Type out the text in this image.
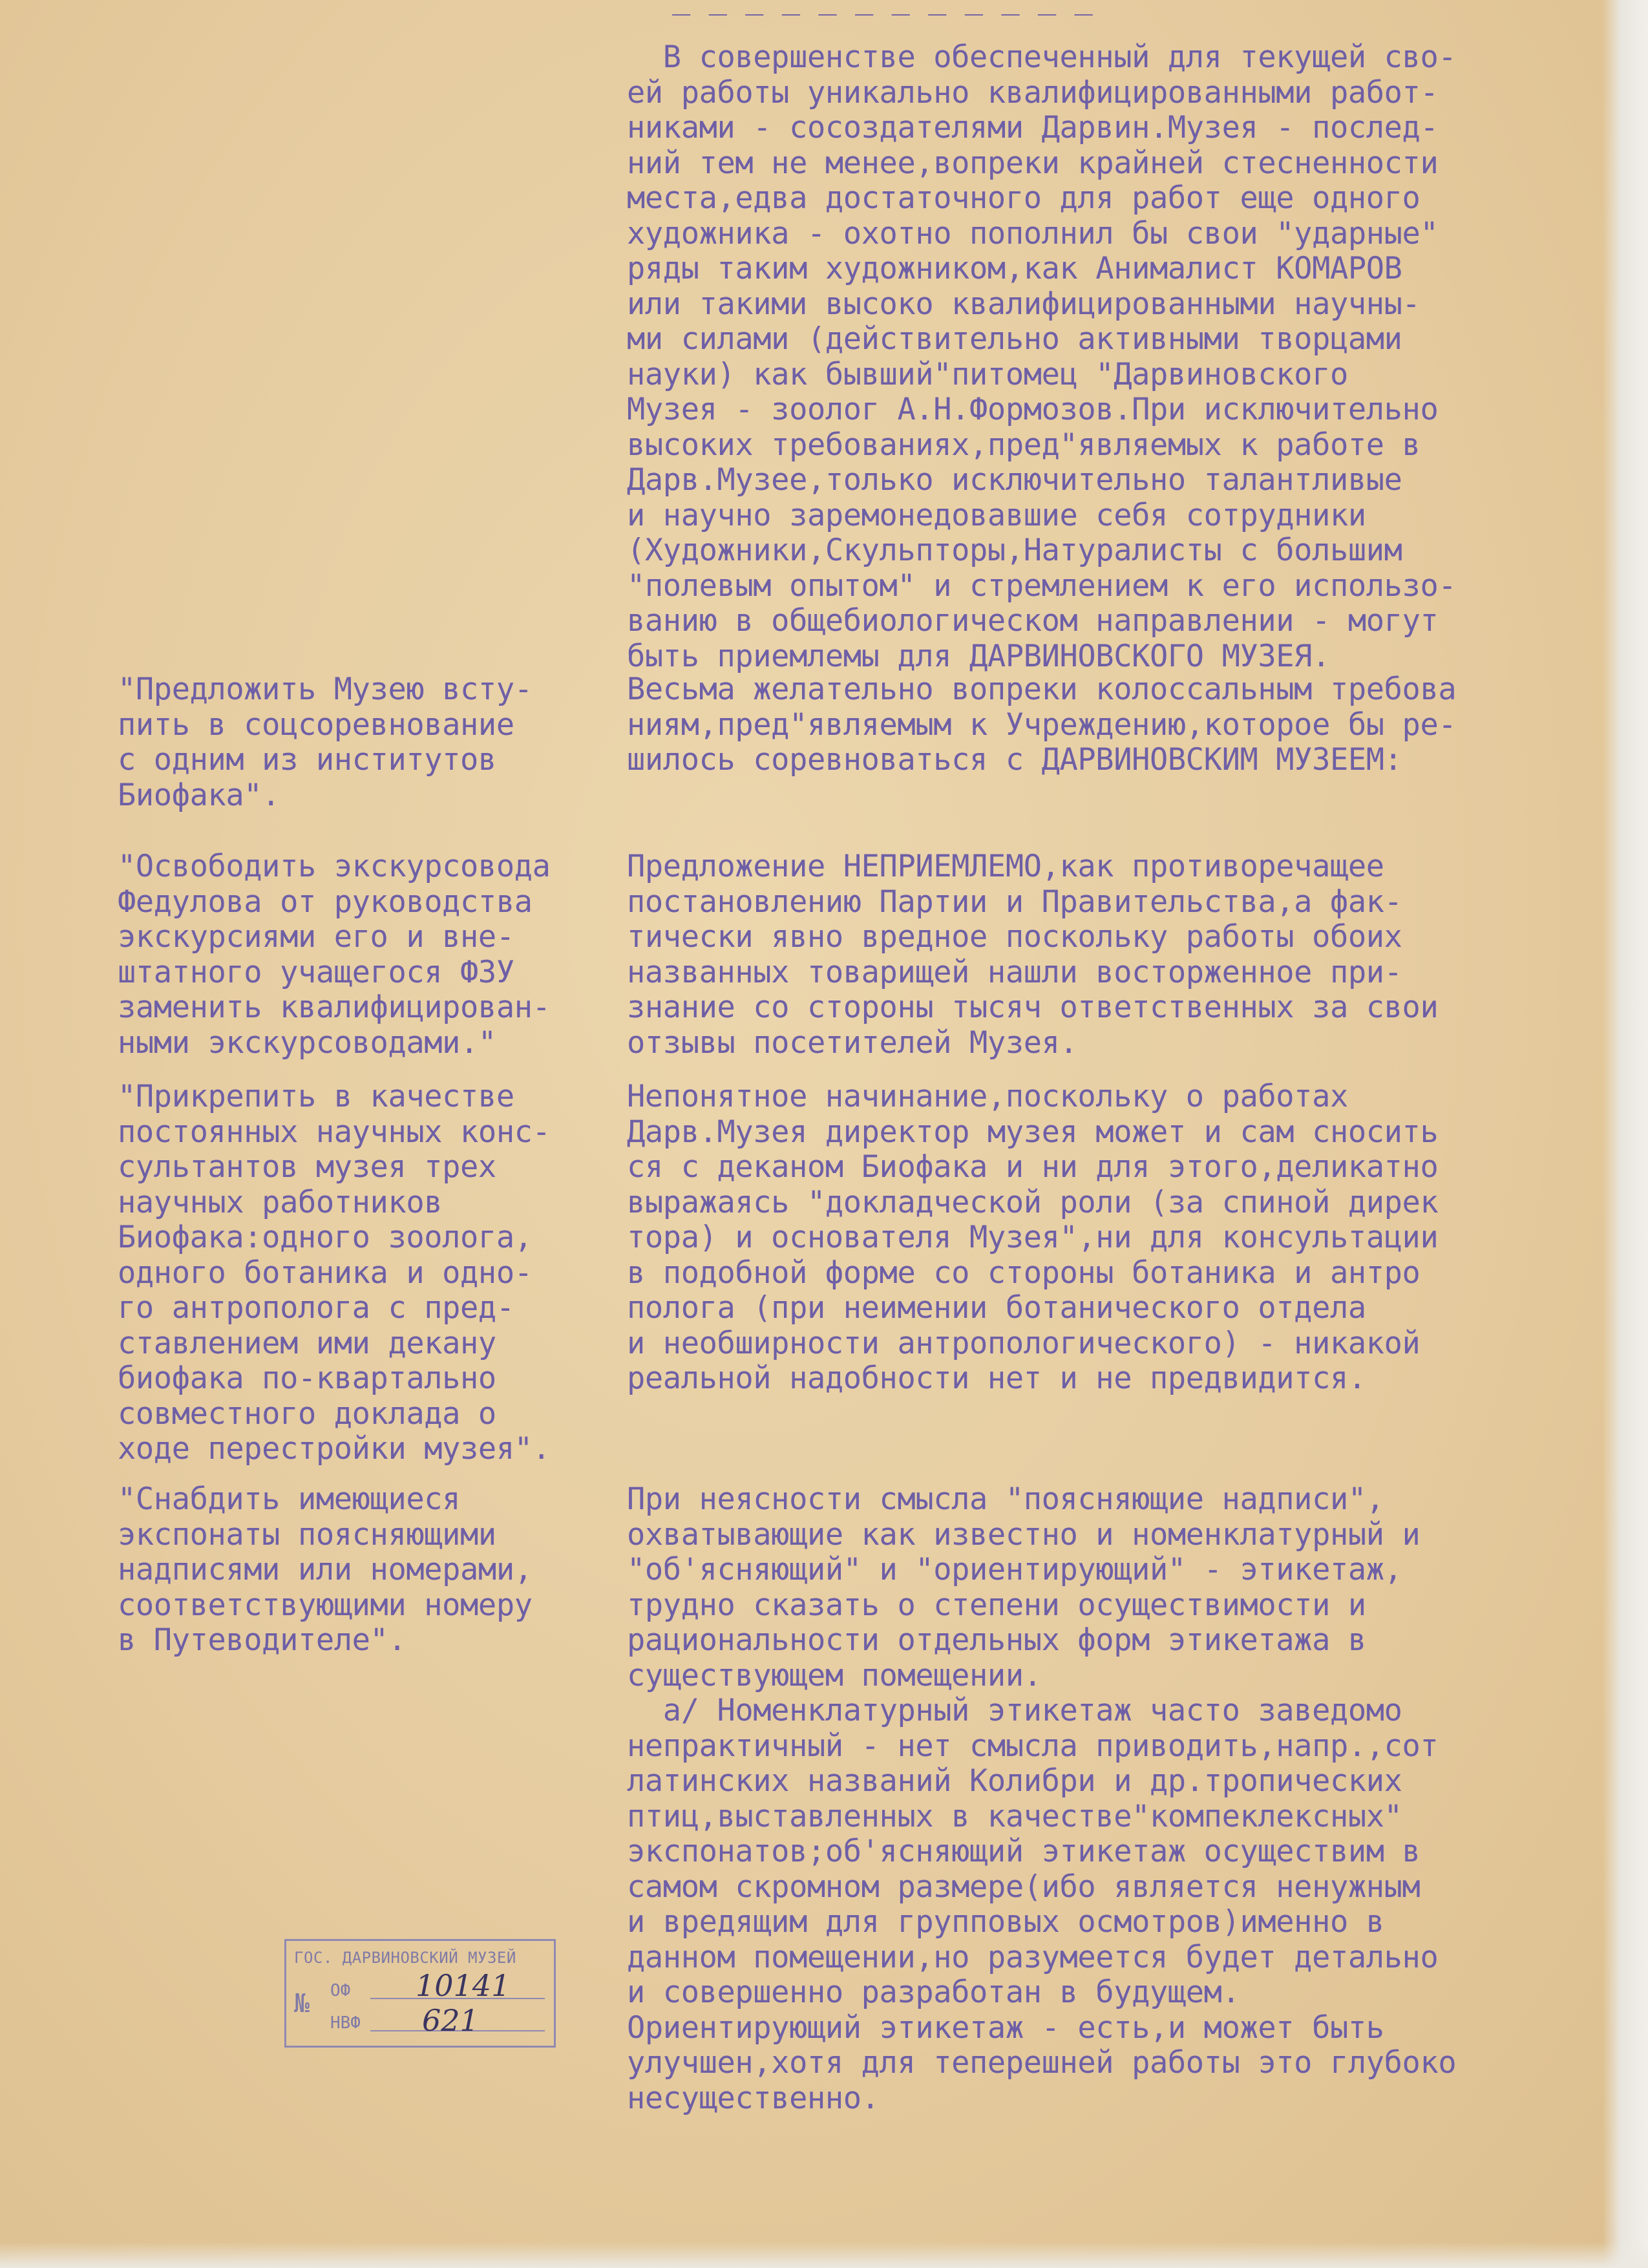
В совершенстве обеспеченный для текущей сво-
ей работы уникально квалифицированными работ-
никами - сосоздателями Дарвин.Музея - послед-
ний тем не менее,вопреки крайней стесненности
места,едва достаточного для работ еще одного
художника - охотно пополнил бы свои "ударные"
ряды таким художником,как Анималист КОМАРОВ
или такими высоко квалифицированными научны-
ми силами (действительно активными творцами
науки) как бывший"питомец "Дарвиновского
Музея - зоолог А.Н.Формозов.При исключительно
высоких требованиях,пред"являемых к работе в
Дарв.Музее,только исключительно талантливые
и научно заремонедовавшие себя сотрудники
(Художники,Скульпторы,Натуралисты с большим
"полевым опытом" и стремлением к его использо-
ванию в общебиологическом направлении - могут
быть приемлемы для ДАРВИНОВСКОГО МУЗЕЯ.
"Предложить Музею всту-
пить в соцсоревнование
с одним из институтов
Биофака".
Весьма желательно вопреки колоссальным требова
ниям,пред"являемым к Учреждению,которое бы ре-
шилось соревноваться с ДАРВИНОВСКИМ МУЗЕЕМ:
"Освободить экскурсовода
Федулова от руководства
экскурсиями его и вне-
штатного учащегося ФЗУ
заменить квалифицирован-
ными экскурсоводами."
Предложение НЕПРИЕМЛЕМО,как противоречащее
постановлению Партии и Правительства,а фак-
тически явно вредное поскольку работы обоих
названных товарищей нашли восторженное при-
знание со стороны тысяч ответственных за свои
отзывы посетителей Музея.
"Прикрепить в качестве
постоянных научных конс-
сультантов музея трех
научных работников
Биофака:одного зоолога,
одного ботаника и одно-
го антрополога с пред-
ставлением ими декану
биофака по-квартально
совместного доклада о
ходе перестройки музея".
Непонятное начинание,поскольку о работах
Дарв.Музея директор музея может и сам сносить
ся с деканом Биофака и ни для этого,деликатно
выражаясь "докладческой роли (за спиной дирек
тора) и основателя Музея",ни для консультации
в подобной форме со стороны ботаника и антро
полога (при неимении ботанического отдела
и необширности антропологического) - никакой
реальной надобности нет и не предвидится.
"Снабдить имеющиеся
экспонаты поясняющими
надписями или номерами,
соответствующими номеру
в Путеводителе".
При неясности смысла "поясняющие надписи",
охватывающие как известно и номенклатурный и
"об'ясняющий" и "ориентирующий" - этикетаж,
трудно сказать о степени осуществимости и
рациональности отдельных форм этикетажа в
существующем помещении.
а/ Номенклатурный этикетаж часто заведомо
непрактичный - нет смысла приводить,напр.,сот
латинских названий Колибри и др.тропических
птиц,выставленных в качестве"компеклексных"
экспонатов;об'ясняющий этикетаж осуществим в
самом скромном размере(ибо является ненужным
и вредящим для групповых осмотров)именно в
данном помещении,но разумеется будет детально
и совершенно разработан в будущем.
Ориентирующий этикетаж - есть,и может быть
улучшен,хотя для теперешней работы это глубоко
несущественно.
ГОС. ДАРВИНОВСКИЙ МУЗЕЙ
№ ОФ 10141
НВФ 621
